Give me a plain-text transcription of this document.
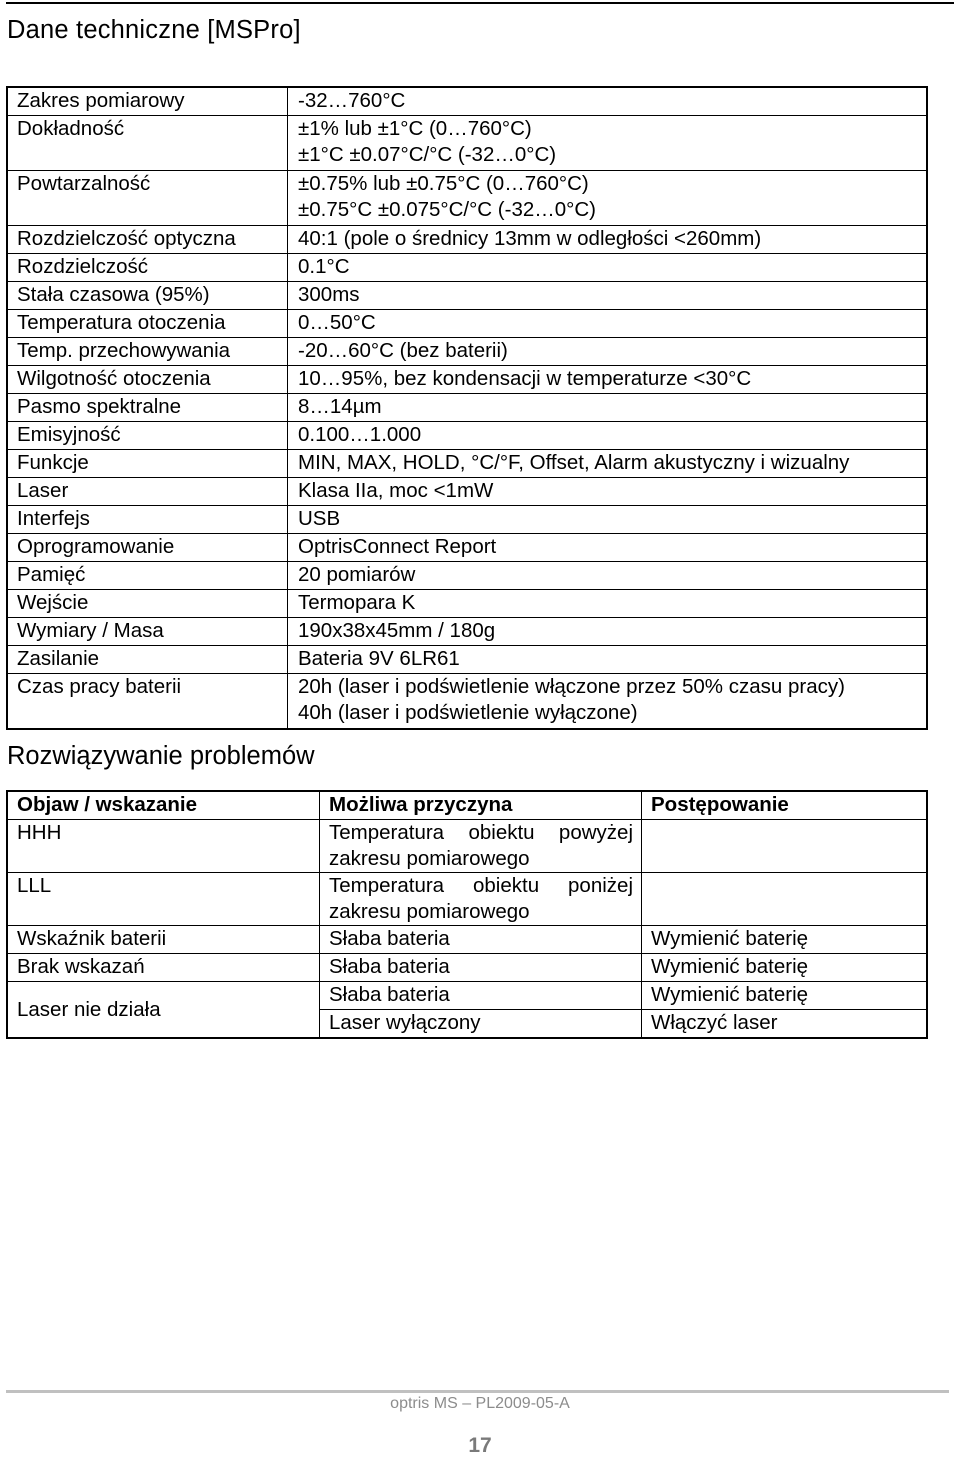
Dane techniczne [MSPro]
Zakres pomiarowy	-32…760°C
Dokładność	±1% lub ±1°C (0…760°C)
±1°C ±0.07°C/°C (-32…0°C)

Powtarzalność	±0.75% lub ±0.75°C (0…760°C)
±0.75°C ±0.075°C/°C (-32…0°C)

Rozdzielczość optyczna	40:1 (pole o średnicy 13mm w odległości <260mm)
Rozdzielczość	0.1°C
Stała czasowa (95%)	300ms
Temperatura otoczenia	0…50°C
Temp. przechowywania	-20…60°C (bez baterii)
Wilgotność otoczenia	10…95%, bez kondensacji w temperaturze <30°C
Pasmo spektralne	8…14µm
Emisyjność	0.100…1.000
Funkcje	MIN, MAX, HOLD, °C/°F, Offset, Alarm akustyczny i wizualny
Laser	Klasa IIa, moc <1mW
Interfejs	USB
Oprogramowanie	OptrisConnect Report
Pamięć	20 pomiarów
Wejście	Termopara K
Wymiary / Masa	190x38x45mm / 180g
Zasilanie	Bateria 9V 6LR61
Czas pracy baterii	20h (laser i podświetlenie włączone przez 50% czasu pracy)
40h (laser i podświetlenie wyłączone)
Rozwiązywanie problemów
Objaw / wskazanie	Możliwa przyczyna	Postępowanie
HHH	Temperatura obiektu powyżej zakresu pomiarowego	
LLL	Temperatura obiektu poniżej zakresu pomiarowego	
Wskaźnik baterii	Słaba bateria	Wymienić baterię
Brak wskazań	Słaba bateria	Wymienić baterię
Laser nie działa	Słaba bateria	Wymienić baterię
	Laser wyłączony	Włączyć laser
optris MS – PL2009-05-A
17
